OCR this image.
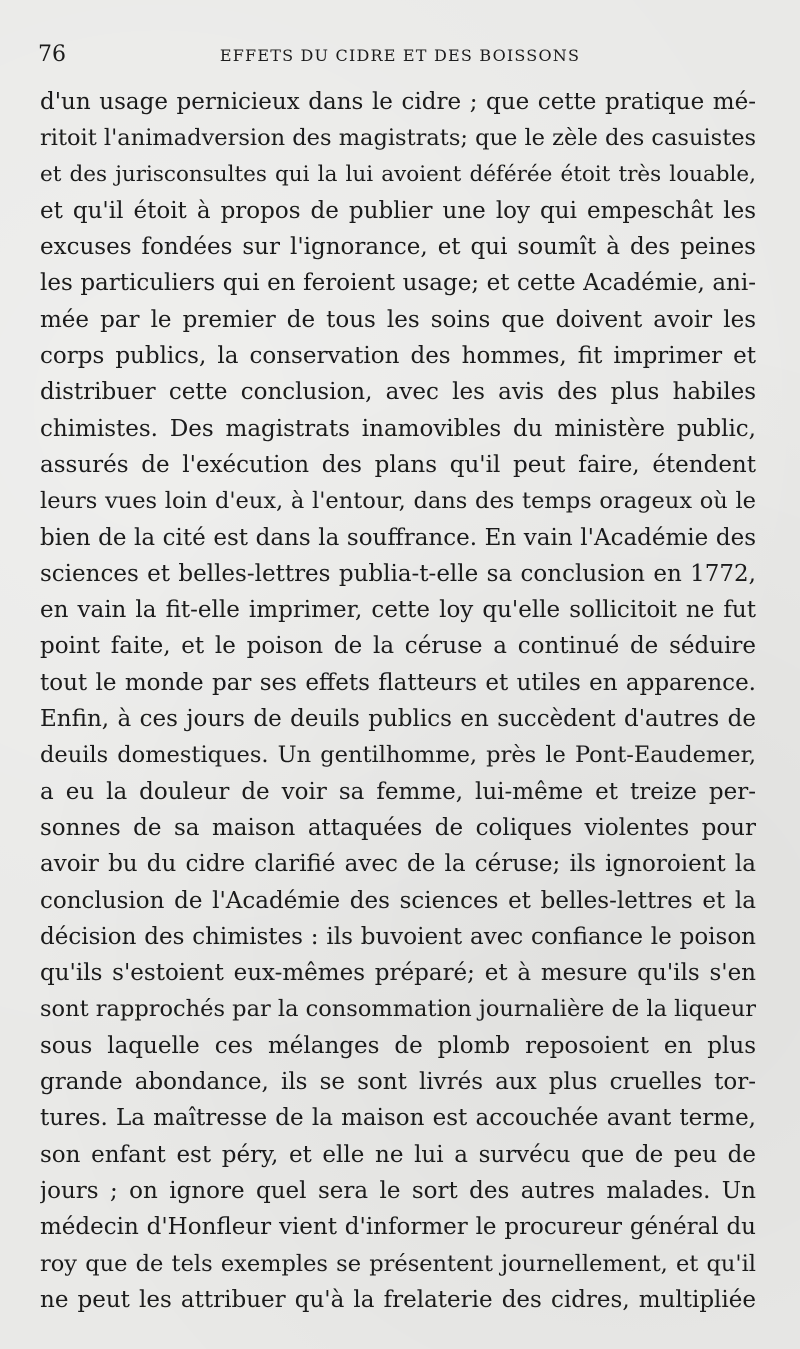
76	EFFETS DU CIDRE ET DES BOISSONS
d'un usage pernicieux dans le cidre ; que cette pratique mé-
ritoit l'animadversion des magistrats; que le zèle des casuistes
et des jurisconsultes qui la lui avoient déférée étoit très louable,
et qu'il étoit à propos de publier une loy qui empeschât les
excuses fondées sur l'ignorance, et qui soumît à des peines
les particuliers qui en feroient usage; et cette Académie, ani-
mée par le premier de tous les soins que doivent avoir les
corps publics, la conservation des hommes, fit imprimer et
distribuer cette conclusion, avec les avis des plus habiles
chimistes. Des magistrats inamovibles du ministère public,
assurés de l'exécution des plans qu'il peut faire, étendent
leurs vues loin d'eux, à l'entour, dans des temps orageux où le
bien de la cité est dans la souffrance. En vain l'Académie des
sciences et belles-lettres publia-t-elle sa conclusion en 1772,
en vain la fit-elle imprimer, cette loy qu'elle sollicitoit ne fut
point faite, et le poison de la céruse a continué de séduire
tout le monde par ses effets flatteurs et utiles en apparence.
Enfin, à ces jours de deuils publics en succèdent d'autres de
deuils domestiques. Un gentilhomme, près le Pont-Eaudemer,
a eu la douleur de voir sa femme, lui-même et treize per-
sonnes de sa maison attaquées de coliques violentes pour
avoir bu du cidre clarifié avec de la céruse; ils ignoroient la
conclusion de l'Académie des sciences et belles-lettres et la
décision des chimistes : ils buvoient avec confiance le poison
qu'ils s'estoient eux-mêmes préparé; et à mesure qu'ils s'en
sont rapprochés par la consommation journalière de la liqueur
sous laquelle ces mélanges de plomb reposoient en plus
grande abondance, ils se sont livrés aux plus cruelles tor-
tures. La maîtresse de la maison est accouchée avant terme,
son enfant est péry, et elle ne lui a survécu que de peu de
jours ; on ignore quel sera le sort des autres malades. Un
médecin d'Honfleur vient d'informer le procureur général du
roy que de tels exemples se présentent journellement, et qu'il
ne peut les attribuer qu'à la frelaterie des cidres, multipliée
